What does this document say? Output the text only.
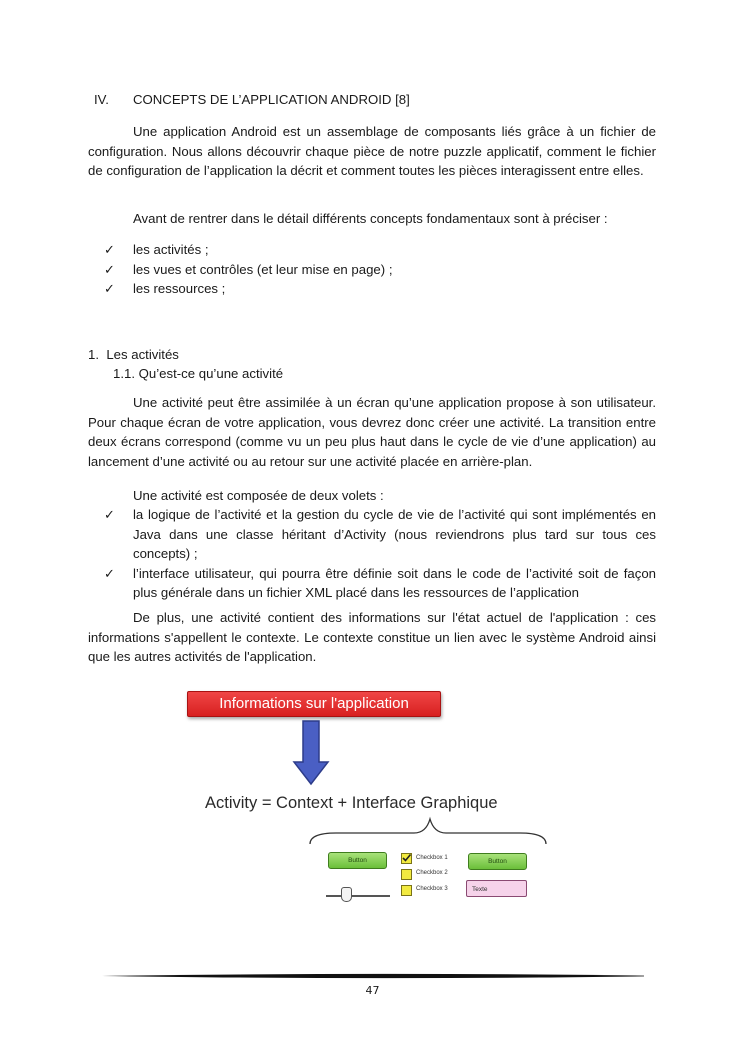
IV. CONCEPTS DE L’APPLICATION ANDROID [8]

Une application Android est un assemblage de composants liés grâce à un fichier de configuration. Nous allons découvrir chaque pièce de notre puzzle applicatif, comment le fichier de configuration de l’application la décrit et comment toutes les pièces interagissent entre elles.

Avant de rentrer dans le détail différents concepts fondamentaux sont à préciser :

✓ les activités ;
✓ les vues et contrôles (et leur mise en page) ;
✓ les ressources ;
1.  Les activités
1.1. Qu’est-ce qu’une activité

Une activité peut être assimilée à un écran qu’une application propose à son utilisateur. Pour chaque écran de votre application, vous devrez donc créer une activité. La transition entre deux écrans correspond (comme vu un peu plus haut dans le cycle de vie d’une application) au lancement d’une activité ou au retour sur une activité placée en arrière-plan.

Une activité est composée de deux volets :

✓ la logique de l’activité et la gestion du cycle de vie de l’activité qui sont implémentés en Java dans une classe héritant d’Activity (nous reviendrons plus tard sur tous ces concepts) ;
✓ l’interface utilisateur, qui pourra être définie soit dans le code de l’activité soit de façon plus générale dans un fichier XML placé dans les ressources de l’application

De plus, une activité contient des informations sur l'état actuel de l'application : ces informations s'appellent le contexte. Le contexte constitue un lien avec le système Android ainsi que les autres activités de l'application.

Informations sur l'application
Activity = Context + Interface Graphique
Button	Button
Checkbox 1
Checkbox 2
Checkbox 3	Texte
47
